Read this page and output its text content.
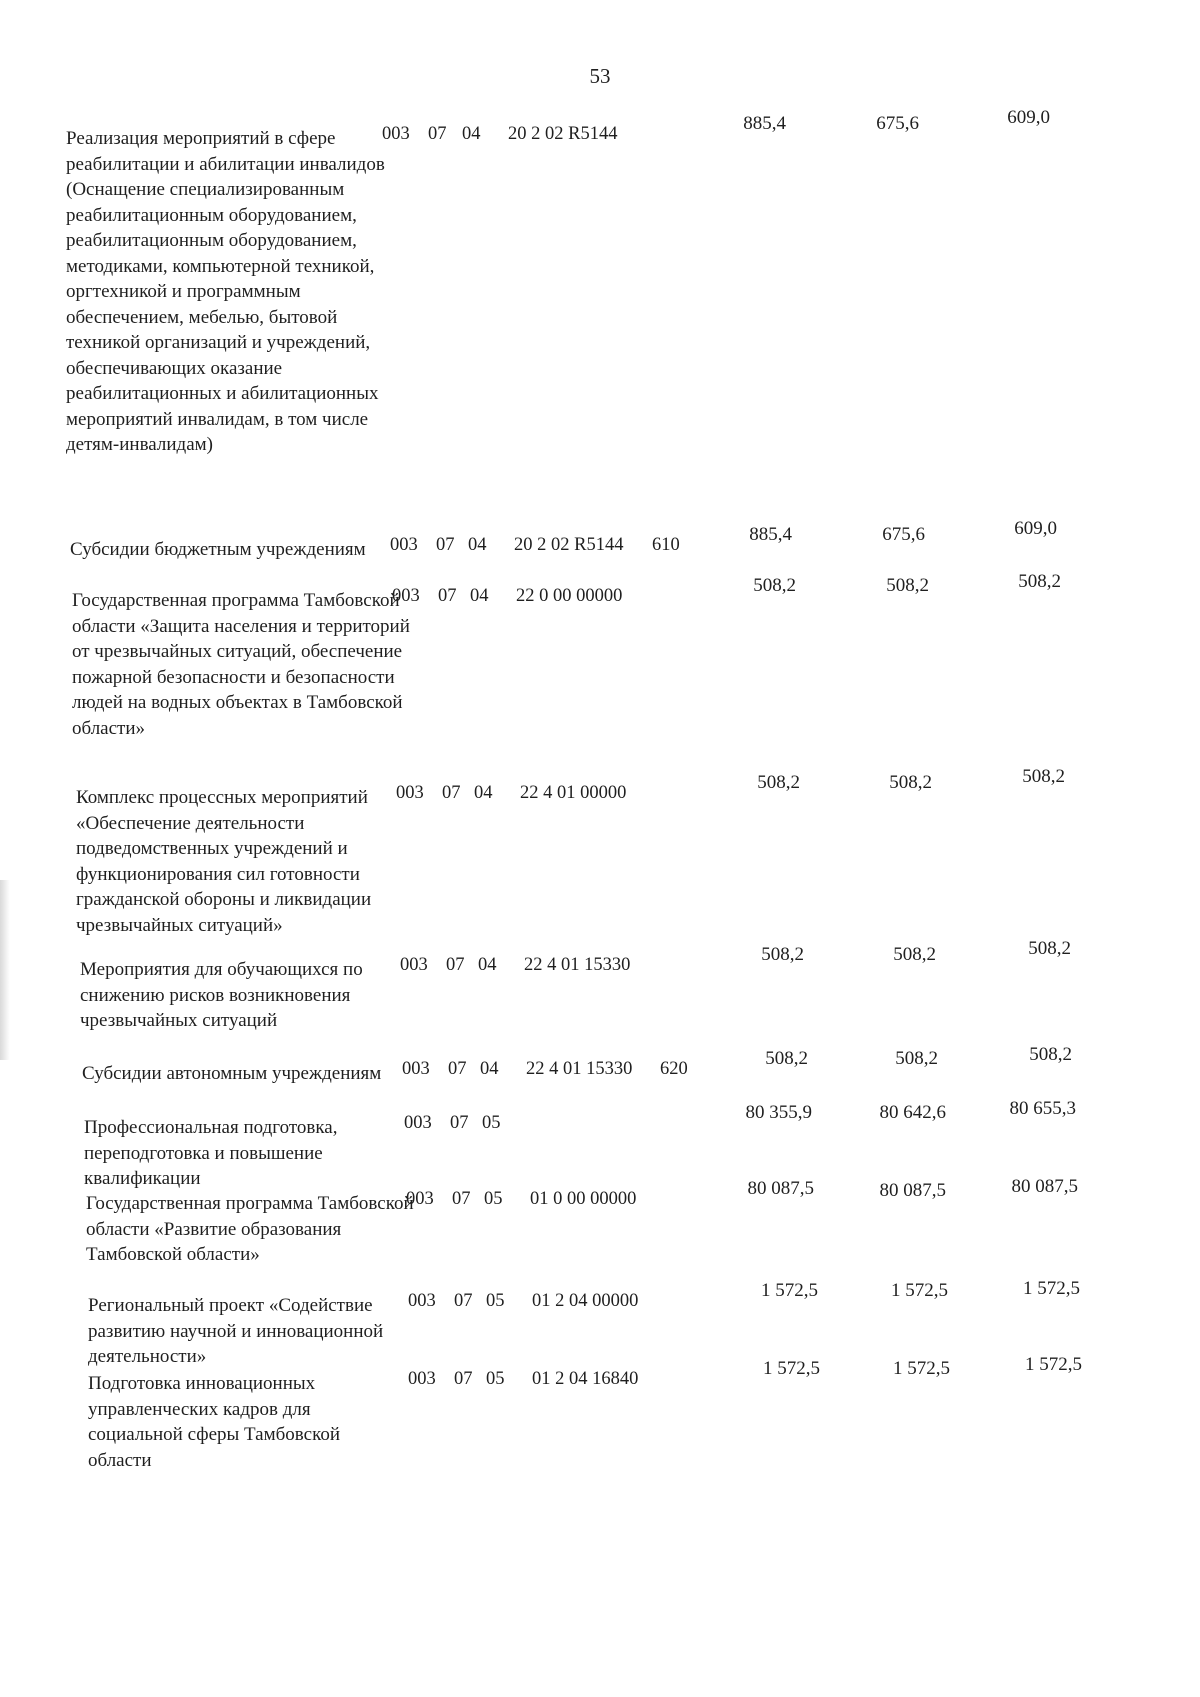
53
Реализация мероприятий в сфере реабилитации и абилитации инвалидов (Оснащение специализированным реабилитационным оборудованием, реабилитационным оборудованием, методиками, компьютерной техникой, оргтехникой и программным обеспечением, мебелью, бытовой техникой организаций и учреждений, обеспечивающих оказание реабилитационных и абилитационных мероприятий инвалидам, в том числе детям-инвалидам)
003 07 04 20 2 02 R5144	885,4	675,6	609,0
Субсидии бюджетным учреждениям	003 07 04 20 2 02 R5144 610	885,4	675,6	609,0
Государственная программа Тамбовской области «Защита населения и территорий от чрезвычайных ситуаций, обеспечение пожарной безопасности и безопасности людей на водных объектах в Тамбовской области»
003 07 04 22 0 00 00000	508,2	508,2	508,2
Комплекс процессных мероприятий «Обеспечение деятельности подведомственных учреждений и функционирования сил готовности гражданской обороны и ликвидации чрезвычайных ситуаций»
003 07 04 22 4 01 00000	508,2	508,2	508,2
Мероприятия для обучающихся по снижению рисков возникновения чрезвычайных ситуаций
003 07 04 22 4 01 15330	508,2	508,2	508,2
Субсидии автономным учреждениям	003 07 04 22 4 01 15330 620	508,2	508,2	508,2
Профессиональная подготовка, переподготовка и повышение квалификации
003 07 05	80 355,9	80 642,6	80 655,3
Государственная программа Тамбовской области «Развитие образования Тамбовской области»
003 07 05 01 0 00 00000	80 087,5	80 087,5	80 087,5
Региональный проект «Содействие развитию научной и инновационной деятельности»
003 07 05 01 2 04 00000	1 572,5	1 572,5	1 572,5
Подготовка инновационных управленческих кадров для социальной сферы Тамбовской области
003 07 05 01 2 04 16840	1 572,5	1 572,5	1 572,5
